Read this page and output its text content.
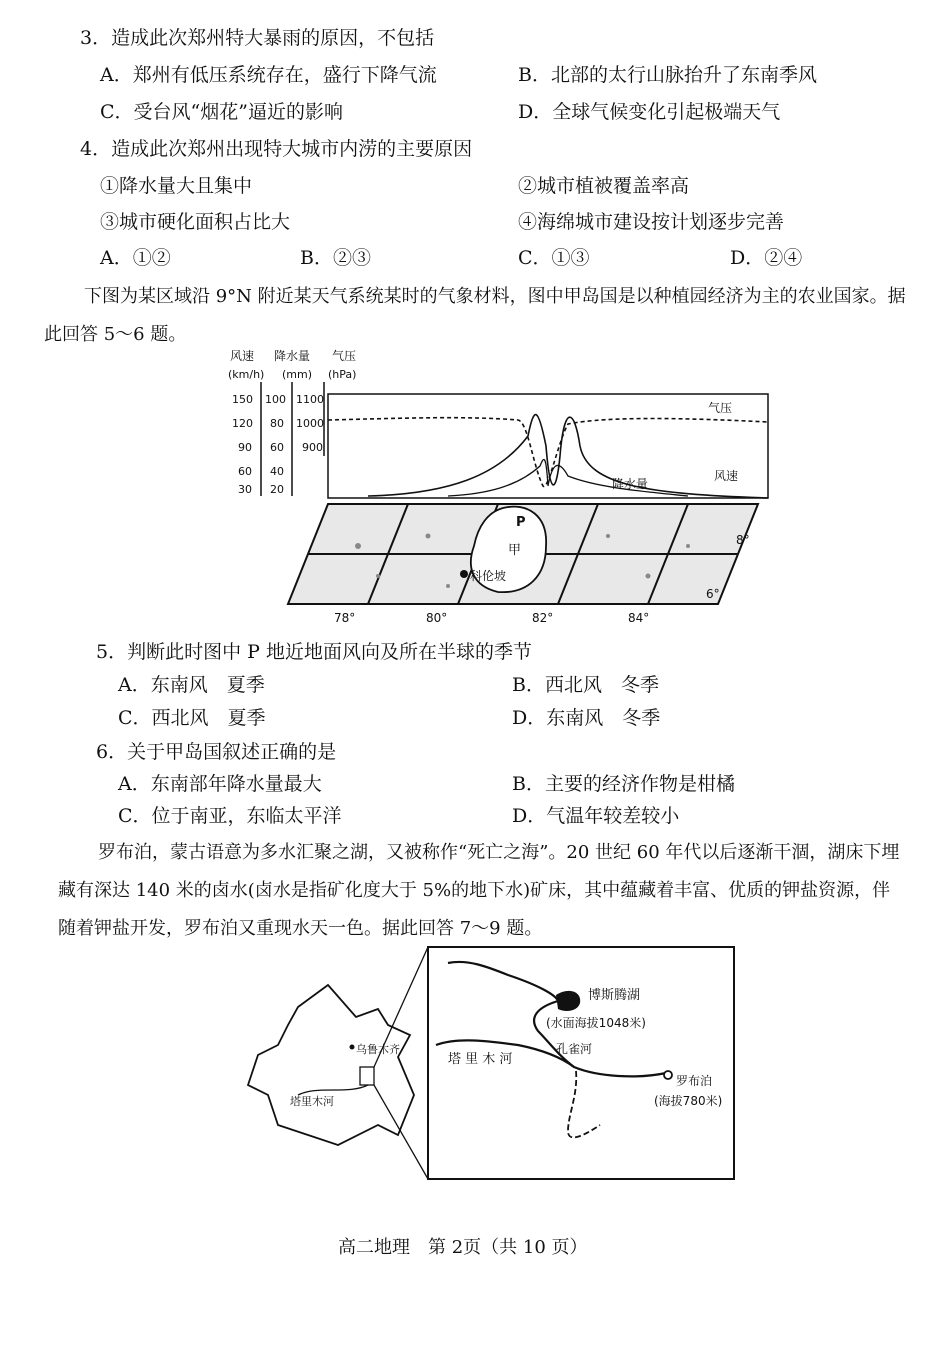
3．造成此次郑州特大暴雨的原因，不包括
A．郑州有低压系统存在，盛行下降气流	B．北部的太行山脉抬升了东南季风
C．受台风“烟花”逼近的影响	D．全球气候变化引起极端天气
4．造成此次郑州出现特大城市内涝的主要原因
①降水量大且集中	②城市植被覆盖率高
③城市硬化面积占比大	④海绵城市建设按计划逐步完善
A．①②	B．②③	C．①③	D．②④
下图为某区域沿 9°N 附近某天气系统某时的气象材料，图中甲岛国是以种植园经济为主的农业国家。据此回答 5～6 题。
风速
(km/h)
降水量
(mm)
气压
(hPa)
150
120
90
60
30
100
80
60
40
20
1100
1000
900
气压
降水量
风速
P
甲
科伦坡
78°	80°	82°	84°
8°
6°
5．判断此时图中 P 地近地面风向及所在半球的季节
A．东南风　夏季	B．西北风　冬季
C．西北风　夏季	D．东南风　冬季
6．关于甲岛国叙述正确的是
A．东南部年降水量最大	B．主要的经济作物是柑橘
C．位于南亚，东临太平洋	D．气温年较差较小
罗布泊，蒙古语意为多水汇聚之湖，又被称作“死亡之海”。20 世纪 60 年代以后逐渐干涸，湖床下埋藏有深达 140 米的卤水(卤水是指矿化度大于 5%的地下水)矿床，其中蕴藏着丰富、优质的钾盐资源，伴随着钾盐开发，罗布泊又重现水天一色。据此回答 7～9 题。
乌鲁木齐
塔里木河
博斯腾湖
(水面海拔1048米)
孔雀河
塔 里 木 河
罗布泊
(海拔780米)
高二地理　第 2页（共 10 页）
